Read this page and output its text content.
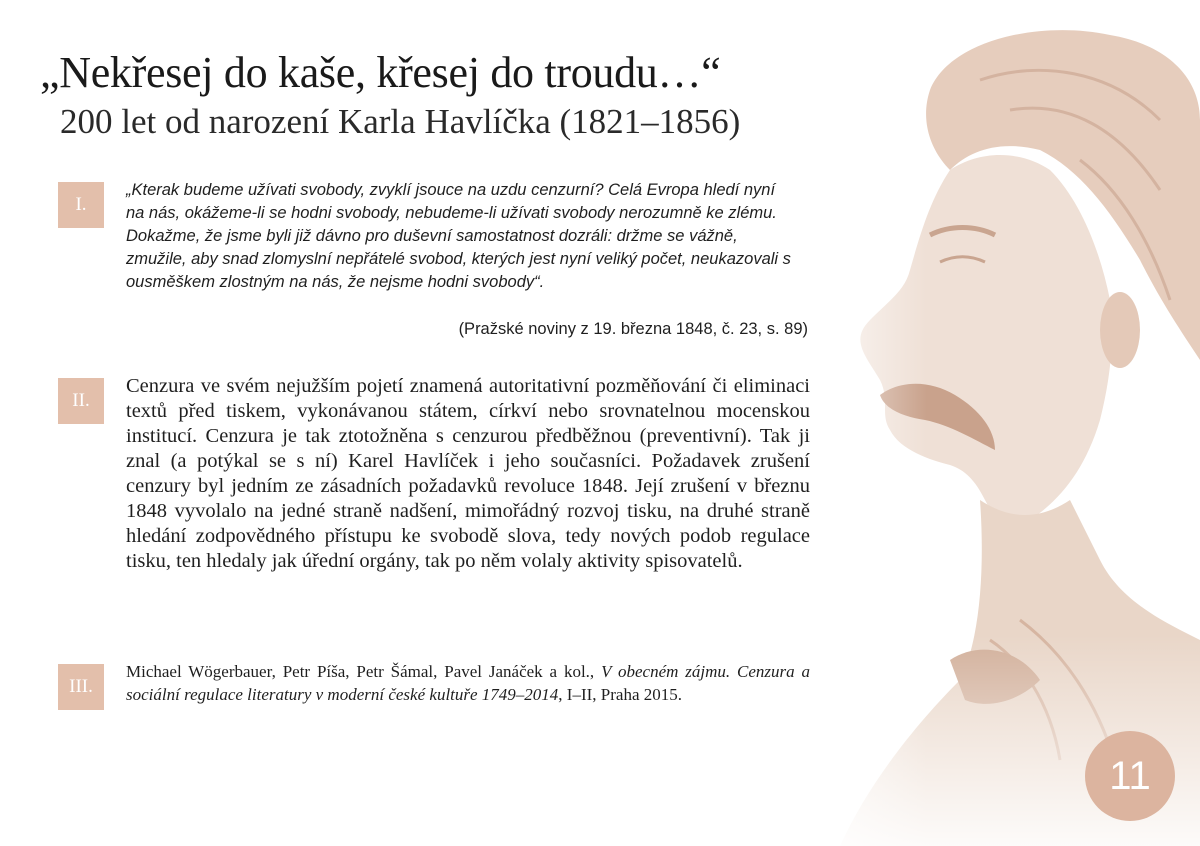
„Nekřesej do kaše, křesej do troudu…“
200 let od narození Karla Havlíčka (1821–1856)
I.
„Kterak budeme užívati svobody, zvyklí jsouce na uzdu cenzurní? Celá Evropa hledí nyní na nás, okážeme-li se hodni svobody, nebudeme-li užívati svobody nerozumně ke zlému. Dokažme, že jsme byli již dávno pro duševní samostatnost dozráli: držme se vážně, zmužile, aby snad zlomyslní nepřátelé svobod, kterých jest nyní veliký počet, neukazovali s ousměškem zlostným na nás, že nejsme hodni svobody“.
(Pražské noviny z 19. března 1848, č. 23, s. 89)
II.
Cenzura ve svém nejužším pojetí znamená autoritativní pozměňování či eliminaci textů před tiskem, vykonávanou státem, církví nebo srovnatelnou mocenskou institucí. Cenzura je tak ztotožněna s cenzurou předběžnou (preventivní). Tak ji znal (a potýkal se s ní) Karel Havlíček i jeho současníci. Požadavek zrušení cenzury byl jedním ze zásadních požadavků revoluce 1848. Její zrušení v březnu 1848 vyvolalo na jedné straně nadšení, mimořádný rozvoj tisku, na druhé straně hledání zodpovědného přístupu ke svobodě slova, tedy nových podob regulace tisku, ten hledaly jak úřední orgány, tak po něm volaly aktivity spisovatelů.
III.
Michael Wögerbauer, Petr Píša, Petr Šámal, Pavel Janáček a kol., V obecném zájmu. Cenzura a sociální regulace literatury v moderní české kultuře 1749–2014, I–II, Praha 2015.
11
